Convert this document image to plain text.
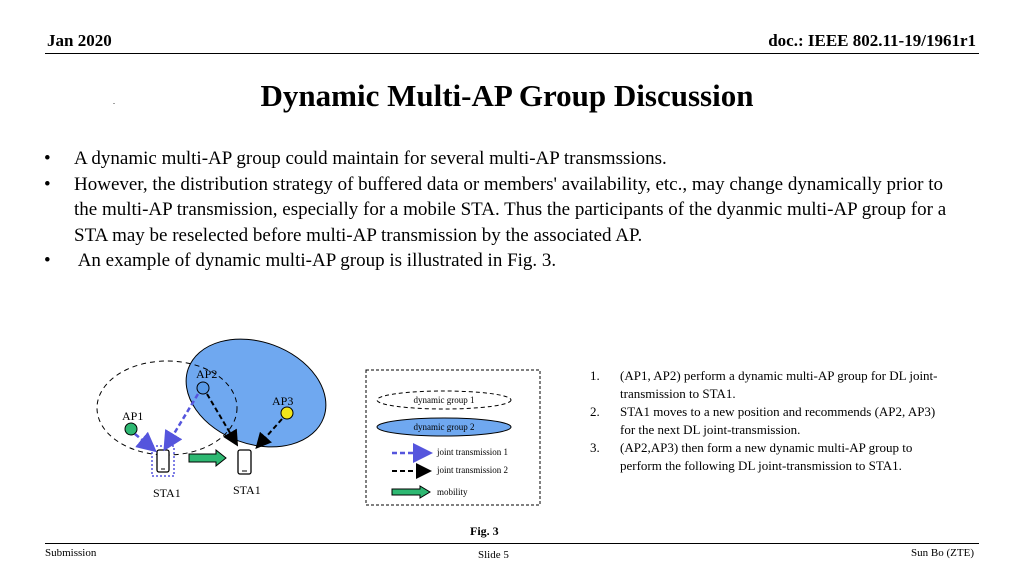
Jan 2020	doc.: IEEE 802.11-19/1961r1
Dynamic Multi-AP Group Discussion
.
•	A dynamic multi-AP group could maintain for several multi-AP transmssions.
•	However, the distribution strategy of buffered data or members' availability, etc., may change dynamically prior to the multi-AP transmission, especially for a mobile STA. Thus the participants of the dyanmic multi-AP group for a STA may be reselected before multi-AP transmission by the associated AP.
•	An example of dynamic multi-AP group is illustrated in Fig. 3.
AP2
AP3
AP1
STA1	STA1
dynamic group 1
dynamic group 2
joint transmission 1
joint transmission 2
mobility
1.	(AP1, AP2) perform a dynamic multi-AP group for DL joint-transmission to STA1.
2.	STA1 moves to a new position and recommends (AP2, AP3) for the next DL joint-transmission.
3.	(AP2,AP3) then form a new dynamic multi-AP group to perform the following DL joint-transmission to STA1.
Fig. 3
Submission	Slide 5	Sun Bo (ZTE)
